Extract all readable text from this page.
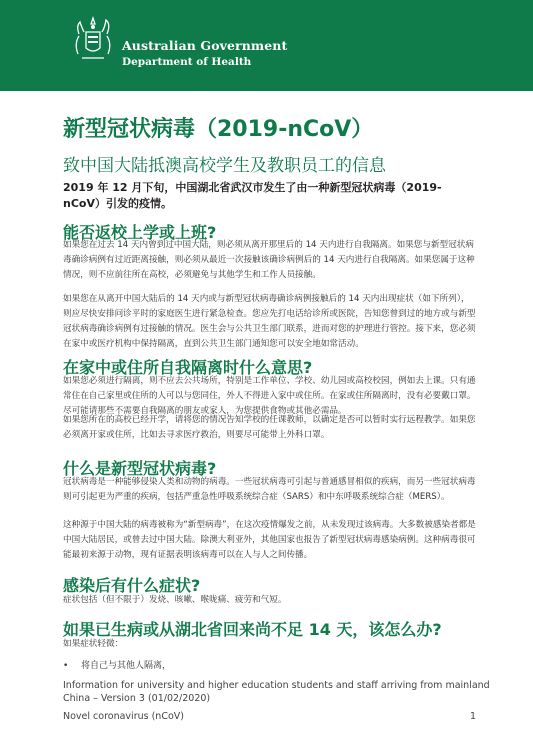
Australian Government
Department of Health
新型冠状病毒（2019-nCoV）
致中国大陆抵澳高校学生及教职员工的信息
2019 年 12 月下旬，中国湖北省武汉市发生了由一种新型冠状病毒（2019-nCoV）引发的疫情。
能否返校上学或上班?
如果您在过去 14 天内曾到过中国大陆，则必须从离开那里后的 14 天内进行自我隔离。如果您与新型冠状病毒确诊病例有过近距离接触，则必须从最近一次接触该确诊病例后的 14 天内进行自我隔离。如果您属于这种情况，则不应前往所在高校，必须避免与其他学生和工作人员接触。
如果您在从离开中国大陆后的 14 天内或与新型冠状病毒确诊病例接触后的 14 天内出现症状（如下所列），则应尽快安排问诊平时的家庭医生进行紧急检查。您应先打电话给诊所或医院，告知您曾到过的地方或与新型冠状病毒确诊病例有过接触的情况。医生会与公共卫生部门联系，进而对您的护理进行管控。接下来，您必须在家中或医疗机构中保持隔离，直到公共卫生部门通知您可以安全地如常活动。
在家中或住所自我隔离时什么意思?
如果您必须进行隔离，则不应去公共场所，特别是工作单位、学校、幼儿园或高校校园，例如去上课。只有通常住在自己家里或住所的人可以与您同住，外人不得进入家中或住所。在家或住所隔离时，没有必要戴口罩。尽可能请那些不需要自我隔离的朋友或家人，为您提供食物或其他必需品。
如果您所在的高校已经开学，请将您的情况告知学校的任课教师，以确定是否可以暂时实行远程教学。如果您必须离开家或住所，比如去寻求医疗救治，则要尽可能带上外科口罩。
什么是新型冠状病毒?
冠状病毒是一种能够侵染人类和动物的病毒。一些冠状病毒可引起与普通感冒相似的疾病，而另一些冠状病毒则可引起更为严重的疾病，包括严重急性呼吸系统综合症（SARS）和中东呼吸系统综合症（MERS）。
这种源于中国大陆的病毒被称为“新型病毒”，在这次疫情爆发之前，从未发现过该病毒。大多数被感染者都是中国大陆居民，或曾去过中国大陆。除澳大利亚外，其他国家也报告了新型冠状病毒感染病例。这种病毒很可能最初来源于动物，现有证据表明该病毒可以在人与人之间传播。
感染后有什么症状?
症状包括（但不限于）发烧、咳嗽、喉咙痛、疲劳和气短。
如果已生病或从湖北省回来尚不足 14 天，该怎么办?
如果症状轻微：
• 将自己与其他人隔离，
Information for university and higher education students and staff arriving from mainland China – Version 3 (01/02/2020)
Novel coronavirus (nCoV)	1
